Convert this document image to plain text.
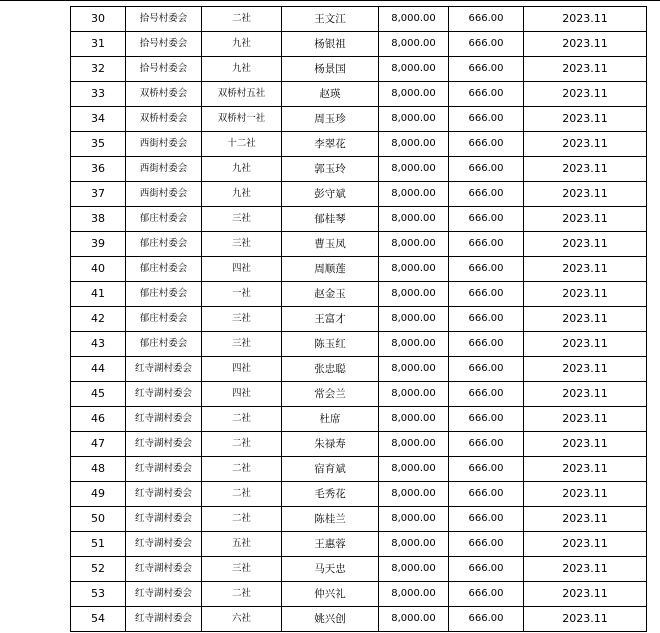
30	拾号村委会	二社	王文江	8,000.00	666.00	2023.11
31	拾号村委会	九社	杨银祖	8,000.00	666.00	2023.11
32	拾号村委会	九社	杨景国	8,000.00	666.00	2023.11
33	双桥村委会	双桥村五社	赵瑛	8,000.00	666.00	2023.11
34	双桥村委会	双桥村一社	周玉珍	8,000.00	666.00	2023.11
35	西街村委会	十二社	李翠花	8,000.00	666.00	2023.11
36	西街村委会	九社	郭玉玲	8,000.00	666.00	2023.11
37	西街村委会	九社	彭守斌	8,000.00	666.00	2023.11
38	郁庄村委会	三社	郁桂琴	8,000.00	666.00	2023.11
39	郁庄村委会	三社	曹玉凤	8,000.00	666.00	2023.11
40	郁庄村委会	四社	周顺莲	8,000.00	666.00	2023.11
41	郁庄村委会	一社	赵金玉	8,000.00	666.00	2023.11
42	郁庄村委会	三社	王富才	8,000.00	666.00	2023.11
43	郁庄村委会	三社	陈玉红	8,000.00	666.00	2023.11
44	红寺湖村委会	四社	张忠聪	8,000.00	666.00	2023.11
45	红寺湖村委会	四社	常会兰	8,000.00	666.00	2023.11
46	红寺湖村委会	二社	杜席	8,000.00	666.00	2023.11
47	红寺湖村委会	二社	朱禄寿	8,000.00	666.00	2023.11
48	红寺湖村委会	二社	宿育斌	8,000.00	666.00	2023.11
49	红寺湖村委会	二社	毛秀花	8,000.00	666.00	2023.11
50	红寺湖村委会	二社	陈桂兰	8,000.00	666.00	2023.11
51	红寺湖村委会	五社	王惠蓉	8,000.00	666.00	2023.11
52	红寺湖村委会	三社	马天忠	8,000.00	666.00	2023.11
53	红寺湖村委会	二社	仲兴礼	8,000.00	666.00	2023.11
54	红寺湖村委会	六社	姚兴创	8,000.00	666.00	2023.11
